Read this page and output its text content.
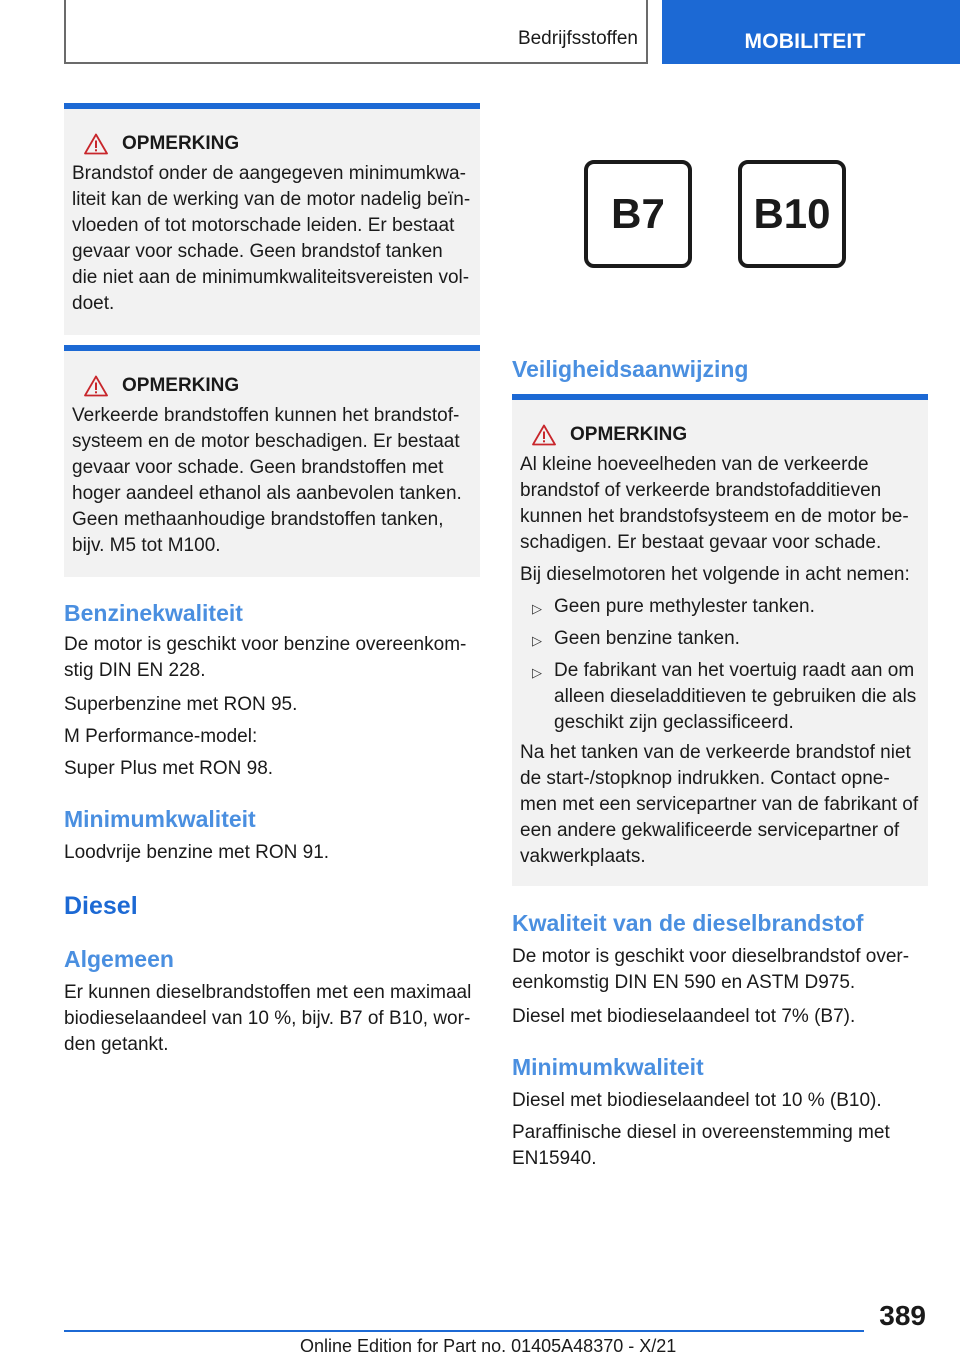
Bedrijfsstoffen	MOBILITEIT
OPMERKING

Brandstof onder de aangegeven minimumkwaliteit kan de werking van de motor nadelig beïnvloeden of tot motorschade leiden. Er bestaat gevaar voor schade. Geen brandstof tanken die niet aan de minimumkwaliteitsvereisten voldoet.

OPMERKING

Verkeerde brandstoffen kunnen het brandstofsysteem en de motor beschadigen. Er bestaat gevaar voor schade. Geen brandstoffen met hoger aandeel ethanol als aanbevolen tanken. Geen methaanhoudige brandstoffen tanken, bijv. M5 tot M100.

Benzinekwaliteit
De motor is geschikt voor benzine overeenkomstig DIN EN 228.
Superbenzine met RON 95.
M Performance-model:
Super Plus met RON 98.
Minimumkwaliteit
Loodvrije benzine met RON 91.
Diesel
Algemeen
Er kunnen dieselbrandstoffen met een maximaal biodieselaandeel van 10 %, bijv. B7 of B10, worden getankt.
B7	B10
Veiligheidsaanwijzing
OPMERKING

Al kleine hoeveelheden van de verkeerde brandstof of verkeerde brandstofadditieven kunnen het brandstofsysteem en de motor beschadigen. Er bestaat gevaar voor schade.

Bij dieselmotoren het volgende in acht nemen:

▷ Geen pure methylester tanken.
▷ Geen benzine tanken.
▷ De fabrikant van het voertuig raadt aan om alleen dieseladditieven te gebruiken die als geschikt zijn geclassificeerd.

Na het tanken van de verkeerde brandstof niet de start-/stopknop indrukken. Contact opnemen met een servicepartner van de fabrikant of een andere gekwalificeerde servicepartner of vakwerkplaats.

Kwaliteit van de dieselbrandstof
De motor is geschikt voor dieselbrandstof overeenkomstig DIN EN 590 en ASTM D975.
Diesel met biodieselaandeel tot 7% (B7).
Minimumkwaliteit
Diesel met biodieselaandeel tot 10 % (B10).
Paraffinische diesel in overeenstemming met EN15940.
389
Online Edition for Part no. 01405A48370 - X/21
